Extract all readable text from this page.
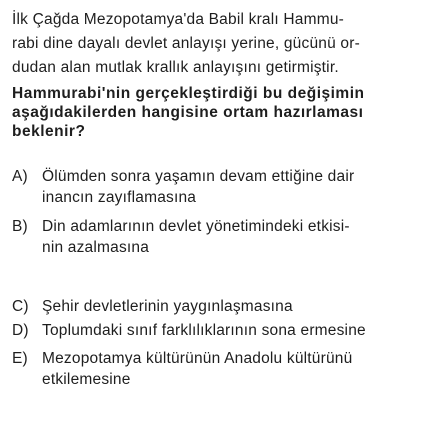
İlk Çağda Mezopotamya'da Babil kralı Hammu-
rabi dine dayalı devlet anlayışı yerine, gücünü or-
dudan alan mutlak krallık anlayışını getirmiştir.
Hammurabi'nin gerçekleştirdiği bu değişimin
aşağıdakilerden hangisine ortam hazırlaması
beklenir?
A) Ölümden sonra yaşamın devam ettiğine dair
inancın zayıflamasına
B) Din adamlarının devlet yönetimindeki etkisi-
nin azalmasına
C) Şehir devletlerinin yaygınlaşmasına
D) Toplumdaki sınıf farklılıklarının sona ermesine
E) Mezopotamya kültürünün Anadolu kültürünü
etkilemesine
